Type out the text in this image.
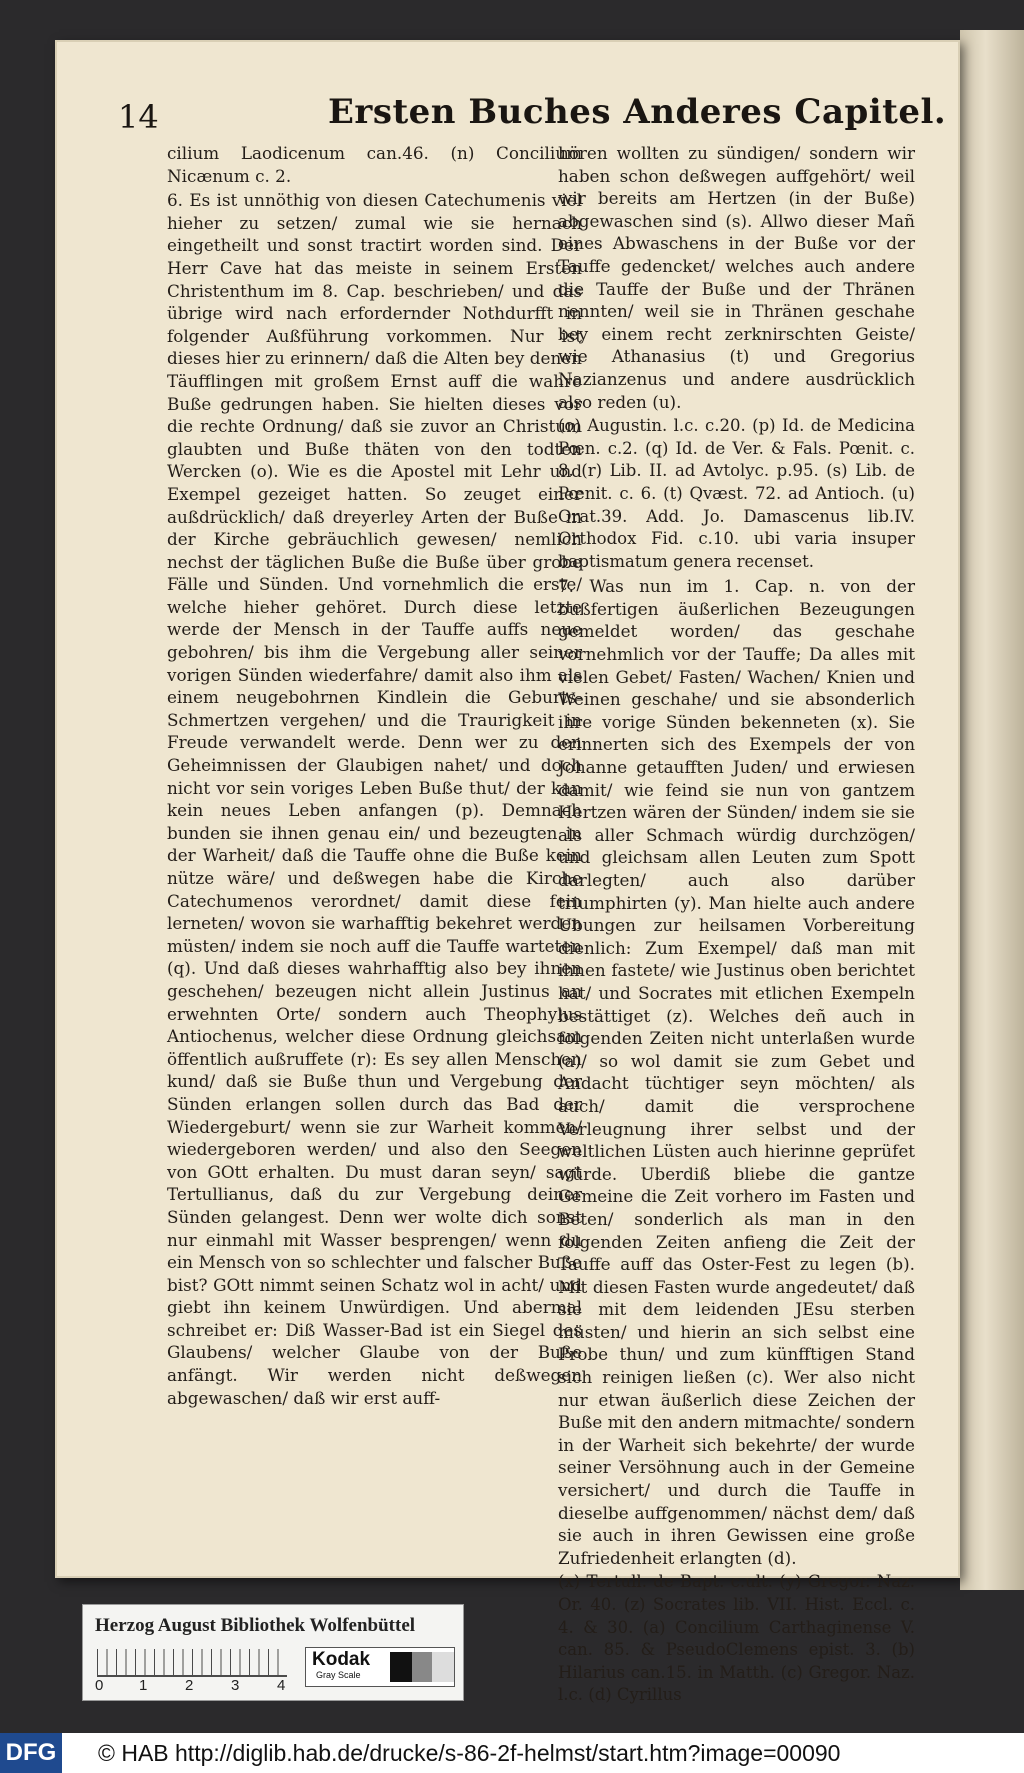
14	Ersten Buches Anderes Capitel.

cilium Laodicenum can.46. (n) Concilium Nicænum c. 2.

6. Es ist unnöthig von diesen Catechumenis viel hieher zu setzen/ zumal wie sie hernach eingetheilt und sonst tractirt worden sind. Der Herr Cave hat das meiste in seinem Ersten Christenthum im 8. Cap. beschrieben/ und das übrige wird nach erfordernder Nothdurfft in folgender Außführung vorkommen. Nur ist dieses hier zu erinnern/ daß die Alten bey denen Täufflingen mit großem Ernst auff die wahre Buße gedrungen haben. Sie hielten dieses vor die rechte Ordnung/ daß sie zuvor an Christum glaubten und Buße thäten von den todten Wercken (o). Wie es die Apostel mit Lehr und Exempel gezeiget hatten. So zeuget einer außdrücklich/ daß dreyerley Arten der Buße in der Kirche gebräuchlich gewesen/ nemlich nechst der täglichen Buße die Buße über grobe Fälle und Sünden. Und vornehmlich die erste/ welche hieher gehöret. Durch diese letzte werde der Mensch in der Tauffe auffs neue gebohren/ bis ihm die Vergebung aller seiner vorigen Sünden wiederfahre/ damit also ihm als einem neugebohrnen Kindlein die Geburts-Schmertzen vergehen/ und die Traurigkeit in Freude verwandelt werde. Denn wer zu den Geheimnissen der Glaubigen nahet/ und doch nicht vor sein voriges Leben Buße thut/ der kan kein neues Leben anfangen (p). Demnach bunden sie ihnen genau ein/ und bezeugten in der Warheit/ daß die Tauffe ohne die Buße kein nütze wäre/ und deßwegen habe die Kirche Catechumenos verordnet/ damit diese fein lerneten/ wovon sie warhafftig bekehret werden müsten/ indem sie noch auff die Tauffe warteten (q). Und daß dieses wahrhafftig also bey ihnen geschehen/ bezeugen nicht allein Justinus an erwehnten Orte/ sondern auch Theophylus Antiochenus, welcher diese Ordnung gleichsam öffentlich außruffete (r): Es sey allen Menschen kund/ daß sie Buße thun und Vergebung der Sünden erlangen sollen durch das Bad der Wiedergeburt/ wenn sie zur Warheit kommen/ wiedergeboren werden/ und also den Seegen von GOtt erhalten. Du must daran seyn/ sagt Tertullianus, daß du zur Vergebung deiner Sünden gelangest. Denn wer wolte dich sonst nur einmahl mit Wasser besprengen/ wenn du ein Mensch von so schlechter und falscher Buße bist? GOtt nimmt seinen Schatz wol in acht/ und giebt ihn keinem Unwürdigen. Und abermal schreibet er: Diß Wasser-Bad ist ein Siegel des Glaubens/ welcher Glaube von der Buße anfängt. Wir werden nicht deßwegen abgewaschen/ daß wir erst auff-

hören wollten zu sündigen/ sondern wir haben schon deßwegen auffgehört/ weil wir bereits am Hertzen (in der Buße) abgewaschen sind (s). Allwo dieser Mañ eines Abwaschens in der Buße vor der Tauffe gedencket/ welches auch andere die Tauffe der Buße und der Thränen nennten/ weil sie in Thränen geschahe bey einem recht zerknirschten Geiste/ wie Athanasius (t) und Gregorius Nazianzenus und andere ausdrücklich also reden (u).

(o) Augustin. l.c. c.20. (p) Id. de Medicina Pœn. c.2. (q) Id. de Ver. & Fals. Pœnit. c. 8. (r) Lib. II. ad Avtolyc. p.95. (s) Lib. de Pœnit. c. 6. (t) Qvæst. 72. ad Antioch. (u) Orat.39. Add. Jo. Damascenus lib.IV. Orthodox Fid. c.10. ubi varia insuper baptismatum genera recenset.

7. Was nun im 1. Cap. n. von der bußfertigen äußerlichen Bezeugungen gemeldet worden/ das geschahe vornehmlich vor der Tauffe; Da alles mit vielen Gebet/ Fasten/ Wachen/ Knien und Weinen geschahe/ und sie absonderlich ihre vorige Sünden bekenneten (x). Sie erinnerten sich des Exempels der von Johanne getaufften Juden/ und erwiesen damit/ wie feind sie nun von gantzem Hertzen wären der Sünden/ indem sie sie als aller Schmach würdig durchzögen/ und gleichsam allen Leuten zum Spott darlegten/ auch also darüber triumphirten (y). Man hielte auch andere Ubungen zur heilsamen Vorbereitung dienlich: Zum Exempel/ daß man mit ihnen fastete/ wie Justinus oben berichtet hat/ und Socrates mit etlichen Exempeln bestättiget (z). Welches deñ auch in folgenden Zeiten nicht unterlaßen wurde (a)/ so wol damit sie zum Gebet und Andacht tüchtiger seyn möchten/ als auch/ damit die versprochene Verleugnung ihrer selbst und der weltlichen Lüsten auch hierinne geprüfet würde. Uberdiß bliebe die gantze Gemeine die Zeit vorhero im Fasten und Beten/ sonderlich als man in den folgenden Zeiten anfieng die Zeit der Tauffe auff das Oster-Fest zu legen (b). Mit diesen Fasten wurde angedeutet/ daß sie mit dem leidenden JEsu sterben müsten/ und hierin an sich selbst eine Probe thun/ und zum künfftigen Stand sich reinigen ließen (c). Wer also nicht nur etwan äußerlich diese Zeichen der Buße mit den andern mitmachte/ sondern in der Warheit sich bekehrte/ der wurde seiner Versöhnung auch in der Gemeine versichert/ und durch die Tauffe in dieselbe auffgenommen/ nächst dem/ daß sie auch in ihren Gewissen eine große Zufriedenheit erlangten (d).

(x) Tertull. de Bapt. c.ult. (y) Gregor. Naz. Or. 40. (z) Socrates lib. VII. Hist. Eccl. c. 4. & 30. (a) Concilium Carthaginense V. can. 85. & PseudoClemens epist. 3. (b) Hilarius can.15. in Matth. (c) Gregor. Naz. l.c. (d) Cyrillus

Herzog August Bibliothek Wolfenbüttel
0 1	2	3	4
Kodak
Gray Scale
DFG © HAB http://diglib.hab.de/drucke/s-86-2f-helmst/start.htm?image=00090
